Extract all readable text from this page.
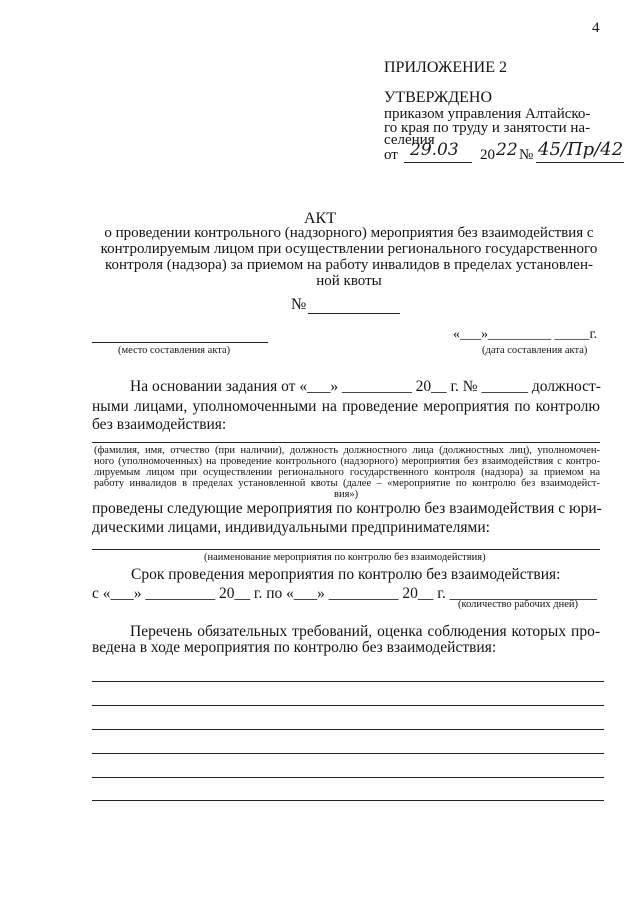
4
ПРИЛОЖЕНИЕ 2
УТВЕРЖДЕНО
приказом управления Алтайско-
го края по труду и занятости на-
селения
от 29.03 20 22 № 45/Пр/42
АКТ
о проведении контрольного (надзорного) мероприятия без взаимодействия с
контролируемым лицом при осуществлении регионального государственного
контроля (надзора) за приемом на работу инвалидов в пределах установлен-
ной квоты
№
(место составления акта)
«___»_________ _____г.
(дата составления акта)
На основании задания от «___» _________ 20__ г. № ______ должност-
ными лицами, уполномоченными на проведение мероприятия по контролю
без взаимодействия:
(фамилия, имя, отчество (при наличии), должность должностного лица (должностных лиц), уполномочен-
ного (уполномоченных) на проведение контрольного (надзорного) мероприятия без взаимодействия с контро-
лируемым лицом при осуществлении регионального государственного контроля (надзора) за приемом на
работу инвалидов в пределах установленной квоты (далее – «мероприятие по контролю без взаимодейст-
вия»)
проведены следующие мероприятия по контролю без взаимодействия с юри-
дическими лицами, индивидуальными предпринимателями:
(наименование мероприятия по контролю без взаимодействия)
Срок проведения мероприятия по контролю без взаимодействия:
с «___» _________ 20__ г. по «___» _________ 20__ г. ___________________
(количество рабочих дней)
Перечень обязательных требований, оценка соблюдения которых про-
ведена в ходе мероприятия по контролю без взаимодействия:
